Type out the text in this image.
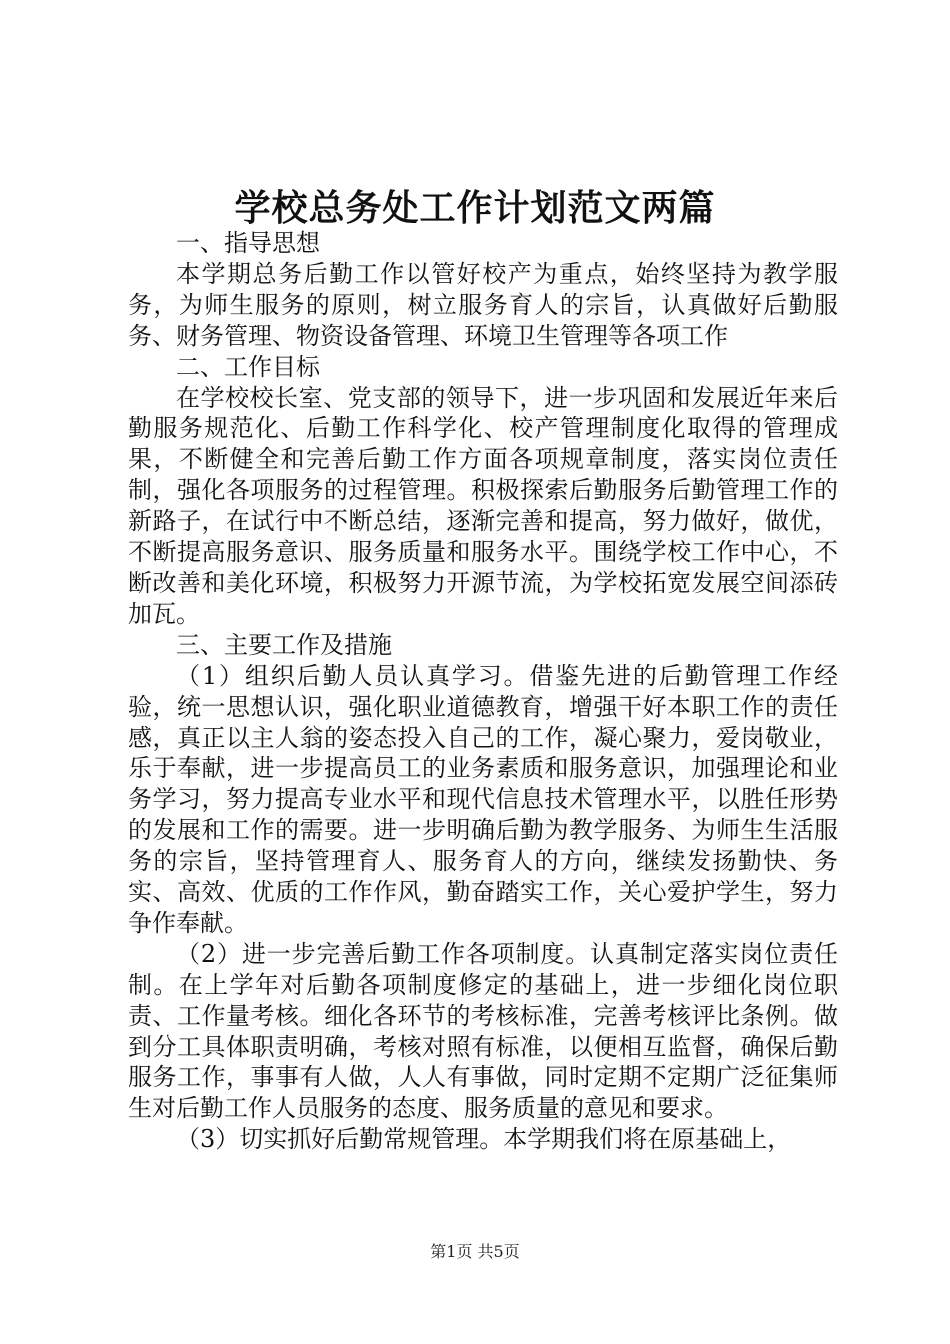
学校总务处工作计划范文两篇

一、指导思想

本学期总务后勤工作以管好校产为重点，始终坚持为教学服务，为师生服务的原则，树立服务育人的宗旨，认真做好后勤服务、财务管理、物资设备管理、环境卫生管理等各项工作

二、工作目标

在学校校长室、党支部的领导下，进一步巩固和发展近年来后勤服务规范化、后勤工作科学化、校产管理制度化取得的管理成果，不断健全和完善后勤工作方面各项规章制度，落实岗位责任制，强化各项服务的过程管理。积极探索后勤服务后勤管理工作的新路子，在试行中不断总结，逐渐完善和提高，努力做好，做优，不断提高服务意识、服务质量和服务水平。围绕学校工作中心，不断改善和美化环境，积极努力开源节流，为学校拓宽发展空间添砖加瓦。

三、主要工作及措施

（1）组织后勤人员认真学习。借鉴先进的后勤管理工作经验，统一思想认识，强化职业道德教育，增强干好本职工作的责任感，真正以主人翁的姿态投入自己的工作，凝心聚力，爱岗敬业，乐于奉献，进一步提高员工的业务素质和服务意识，加强理论和业务学习，努力提高专业水平和现代信息技术管理水平，以胜任形势的发展和工作的需要。进一步明确后勤为教学服务、为师生生活服务的宗旨，坚持管理育人、服务育人的方向，继续发扬勤快、务实、高效、优质的工作作风，勤奋踏实工作，关心爱护学生，努力争作奉献。

（2）进一步完善后勤工作各项制度。认真制定落实岗位责任制。在上学年对后勤各项制度修定的基础上，进一步细化岗位职责、工作量考核。细化各环节的考核标准，完善考核评比条例。做到分工具体职责明确，考核对照有标准，以便相互监督，确保后勤服务工作，事事有人做，人人有事做，同时定期不定期广泛征集师生对后勤工作人员服务的态度、服务质量的意见和要求。

（3）切实抓好后勤常规管理。本学期我们将在原基础上，

第1页 共5页
